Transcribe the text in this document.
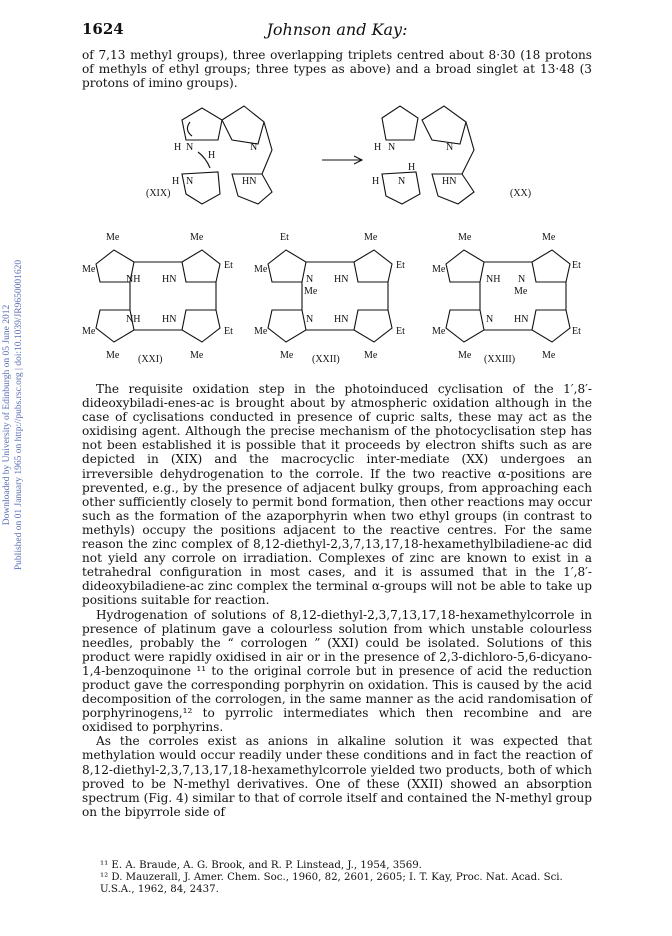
1624	Johnson and Kay:
Downloaded by University of Edinburgh on 05 June 2012 Published on 01 January 1965 on http://pubs.rsc.org | doi:10.1039/JR9650001620

of 7,13 methyl groups), three overlapping triplets centred about 8·30 (18 protons of methyls of ethyl groups; three types as above) and a broad singlet at 13·48 (3 protons of imino groups).

(XIX)	(XX)
H N
H
N
H N	HN
H N	N
H
N
H	HN
Me	Me
Me	Et
NH HN
NH HN
Me	Et
Me	Me
(XXI)
Et	Me
Me	Et
N HN
Me
N HN
Me	Et
Me	Me
(XXII)
Me	Me
Me	Et
NH N
Me
N HN
Me	Et
Me	Me
(XXIII)

The requisite oxidation step in the photoinduced cyclisation of the 1′,8′-dideoxybiladi-enes-ac is brought about by atmospheric oxidation although in the case of cyclisations conducted in presence of cupric salts, these may act as the oxidising agent. Although the precise mechanism of the photocyclisation step has not been established it is possible that it proceeds by electron shifts such as are depicted in (XIX) and the macrocyclic inter-mediate (XX) undergoes an irreversible dehydrogenation to the corrole. If the two reactive α-positions are prevented, e.g., by the presence of adjacent bulky groups, from approaching each other sufficiently closely to permit bond formation, then other reactions may occur such as the formation of the azaporphyrin when two ethyl groups (in contrast to methyls) occupy the positions adjacent to the reactive centres. For the same reason the zinc complex of 8,12-diethyl-2,3,7,13,17,18-hexamethylbiladiene-ac did not yield any corrole on irradiation. Complexes of zinc are known to exist in a tetrahedral configuration in most cases, and it is assumed that in the 1′,8′-dideoxybiladiene-ac zinc complex the terminal α-groups will not be able to take up positions suitable for reaction.

Hydrogenation of solutions of 8,12-diethyl-2,3,7,13,17,18-hexamethylcorrole in presence of platinum gave a colourless solution from which unstable colourless needles, probably the “ corrologen ” (XXI) could be isolated. Solutions of this product were rapidly oxidised in air or in the presence of 2,3-dichloro-5,6-dicyano-1,4-benzoquinone ¹¹ to the original corrole but in presence of acid the reduction product gave the corresponding porphyrin on oxidation. This is caused by the acid decomposition of the corrologen, in the same manner as the acid randomisation of porphyrinogens,¹² to pyrrolic intermediates which then recombine and are oxidised to porphyrins.

As the corroles exist as anions in alkaline solution it was expected that methylation would occur readily under these conditions and in fact the reaction of 8,12-diethyl-2,3,7,13,17,18-hexamethylcorrole yielded two products, both of which proved to be N-methyl derivatives. One of these (XXII) showed an absorption spectrum (Fig. 4) similar to that of corrole itself and contained the N-methyl group on the bipyrrole side of

¹¹ E. A. Braude, A. G. Brook, and R. P. Linstead, J., 1954, 3569.

¹² D. Mauzerall, J. Amer. Chem. Soc., 1960, 82, 2601, 2605; I. T. Kay, Proc. Nat. Acad. Sci. U.S.A., 1962, 84, 2437.
